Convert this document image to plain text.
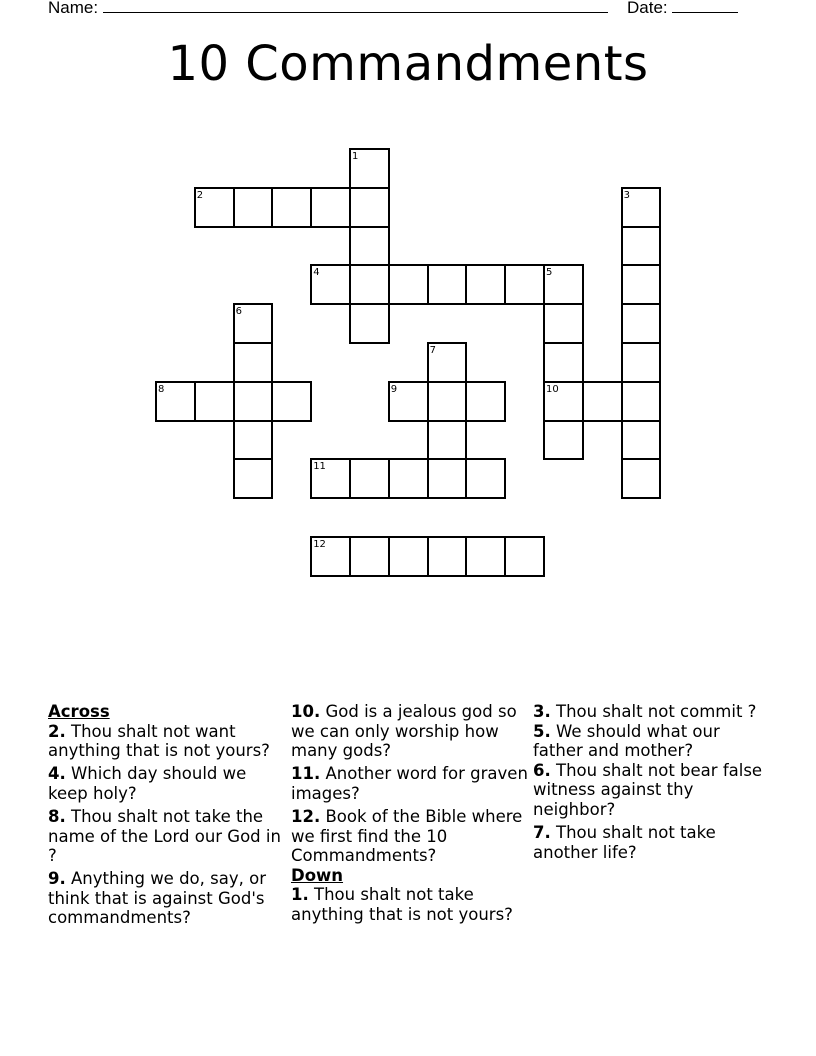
Name:	Date:
10 Commandments
1
2	3
4	5
10
6
7
8	9
11
12

Across

2. Thou shalt not want anything that is not yours?

4. Which day should we keep holy?

8. Thou shalt not take the name of the Lord our God in ?

9. Anything we do, say, or think that is against God's commandments?

10. God is a jealous god so we can only worship how many gods?

11. Another word for graven images?

12. Book of the Bible where we first find the 10 Commandments?

Down

1. Thou shalt not take anything that is not yours?

3. Thou shalt not commit ?

5. We should what our father and mother?

6. Thou shalt not bear false witness against thy neighbor?

7. Thou shalt not take another life?
